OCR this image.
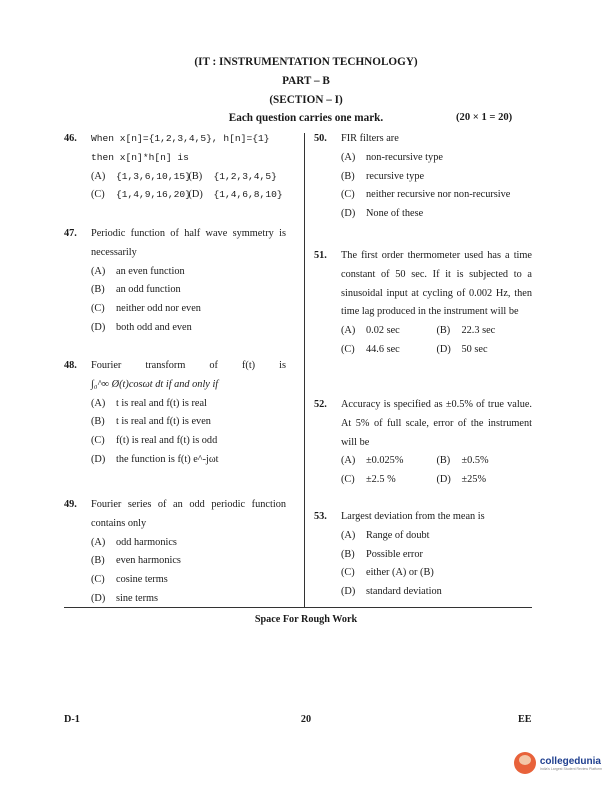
(IT : INSTRUMENTATION TECHNOLOGY)
PART – B
(SECTION – I)
Each question carries one mark.	(20 × 1 = 20)
46.	When x[n]={1,2,3,4,5}, h[n]={1} then x[n]*h[n] is
(A)	{1,3,6,10,15}
(B)	{1,2,3,4,5}
(C)	{1,4,9,16,20}
(D)	{1,4,6,8,10}
47.	Periodic function of half wave symmetry is necessarily
(A)	an even function
(B)	an odd function
(C)	neither odd nor even
(D)	both odd and even
48.	Fourier transform of f(t) is
∫₀^∞ Ø(t)cosωt dt if and only if
(A)	t is real and f(t) is real
(B)	t is real and f(t) is even
(C)	f(t) is real and f(t) is odd
(D)	the function is f(t) e^-jωt
49.	Fourier series of an odd periodic function contains only
(A)	odd harmonics
(B)	even harmonics
(C)	cosine terms
(D)	sine terms
50.	FIR filters are
(A)	non-recursive type
(B)	recursive type
(C)	neither recursive nor non-recursive
(D)	None of these
51.	The first order thermometer used has a time constant of 50 sec. If it is subjected to a sinusoidal input at cycling of 0.002 Hz, then time lag produced in the instrument will be
(A)	0.02 sec	(B)	22.3 sec
(C)	44.6 sec	(D)	50 sec
52.	Accuracy is specified as ±0.5% of true value. At 5% of full scale, error of the instrument will be
(A)	±0.025%	(B)	±0.5%
(C)	±2.5 %	(D)	±25%
53.	Largest deviation from the mean is
(A)	Range of doubt
(B)	Possible error
(C)	either (A) or (B)
(D)	standard deviation
Space For Rough Work
D-1	20	EE
collegedunia
India's Largest Student Review Platform
